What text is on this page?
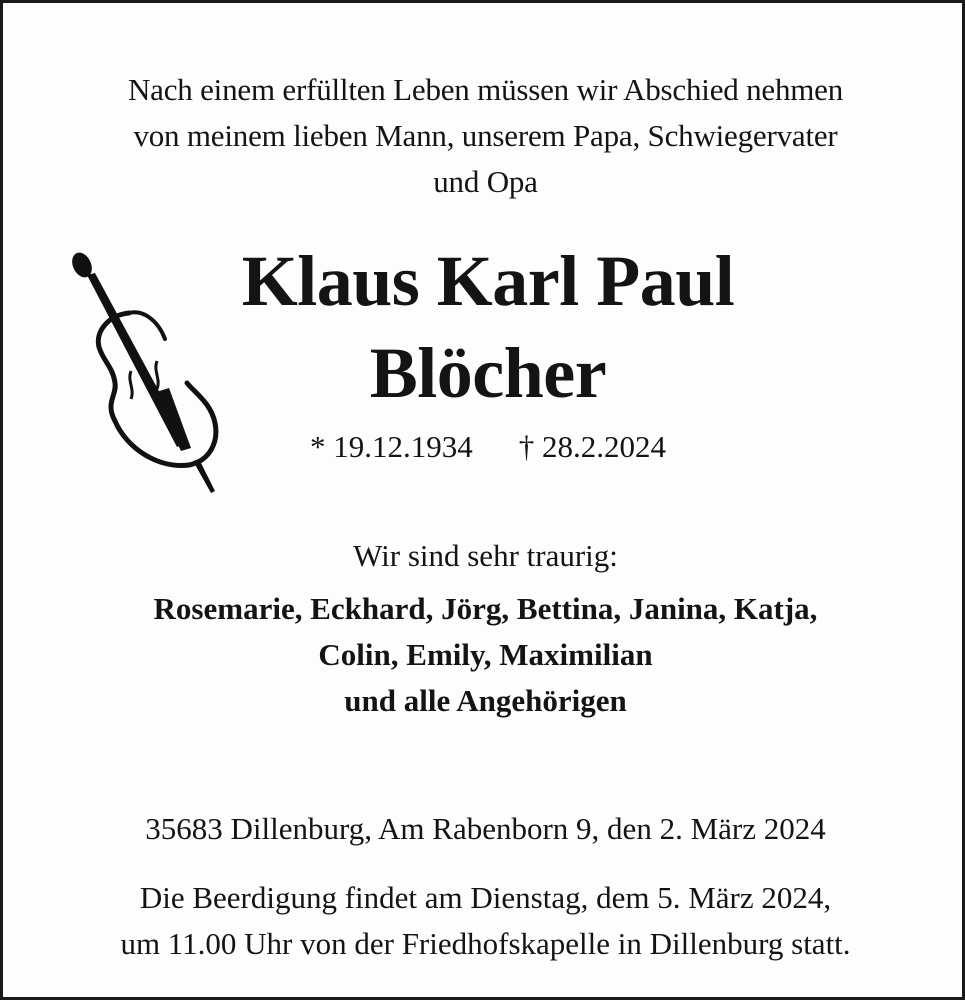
Nach einem erfüllten Leben müssen wir Abschied nehmen
von meinem lieben Mann, unserem Papa, Schwiegervater
und Opa
Klaus Karl Paul
Blöcher
* 19.12.1934 † 28.2.2024
Wir sind sehr traurig:
Rosemarie, Eckhard, Jörg, Bettina, Janina, Katja,
Colin, Emily, Maximilian
und alle Angehörigen
35683 Dillenburg, Am Rabenborn 9, den 2. März 2024
Die Beerdigung findet am Dienstag, dem 5. März 2024,
um 11.00 Uhr von der Friedhofskapelle in Dillenburg statt.
